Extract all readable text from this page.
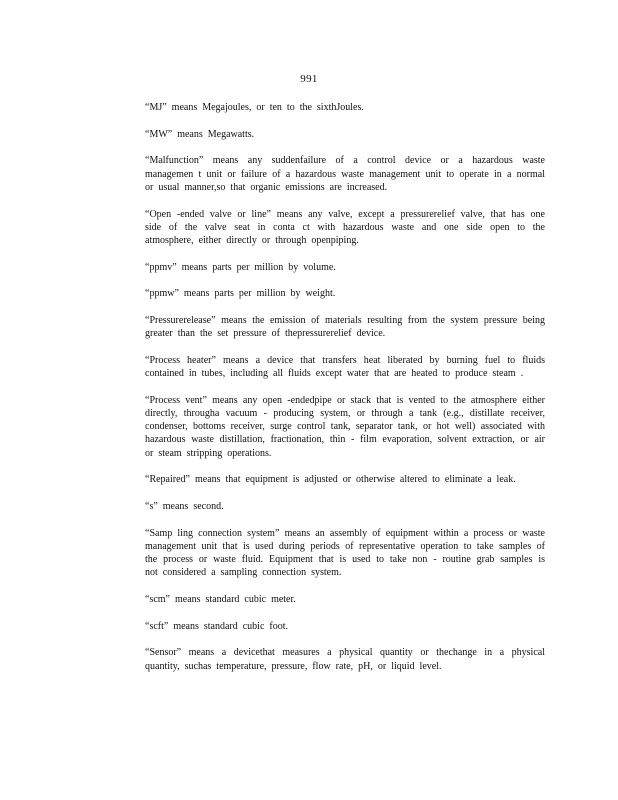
991

“MJ” means Megajoules, or ten to the sixthJoules.

“MW” means Megawatts.

“Malfunction” means any suddenfailure of a control device or a hazardous waste managemen t unit or failure of a hazardous waste management unit to operate in a normal or usual manner,so that organic emissions are increased.

“Open -ended valve or line” means any valve, except a pressurerelief valve, that has one side of the valve seat in conta ct with hazardous waste and one side open to the atmosphere, either directly or through openpiping.

“ppmv” means parts per million by volume.

“ppmw” means parts per million by weight.

“Pressurerelease” means the emission of materials resulting from the system pressure being greater than the set pressure of thepressurerelief device.

“Process heater” means a device that transfers heat liberated by burning fuel to fluids contained in tubes, including all fluids except water that are heated to produce steam .

“Process vent” means any open -endedpipe or stack that is vented to the atmosphere either directly, througha vacuum - producing system, or through a tank (e.g., distillate receiver, condenser, bottoms receiver, surge control tank, separator tank, or hot well) associated with hazardous waste distillation, fractionation, thin - film evaporation, solvent extraction, or air or steam stripping operations.

“Repaired” means that equipment is adjusted or otherwise altered to eliminate a leak.

“s” means second.

“Samp ling connection system” means an assembly of equipment within a process or waste management unit that is used during periods of representative operation to take samples of the process or waste fluid. Equipment that is used to take non - routine grab samples is not considered a sampling connection system.

“scm” means standard cubic meter.

“scft” means standard cubic foot.

“Sensor” means a devicethat measures a physical quantity or thechange in a physical quantity, suchas temperature, pressure, flow rate, pH, or liquid level.
